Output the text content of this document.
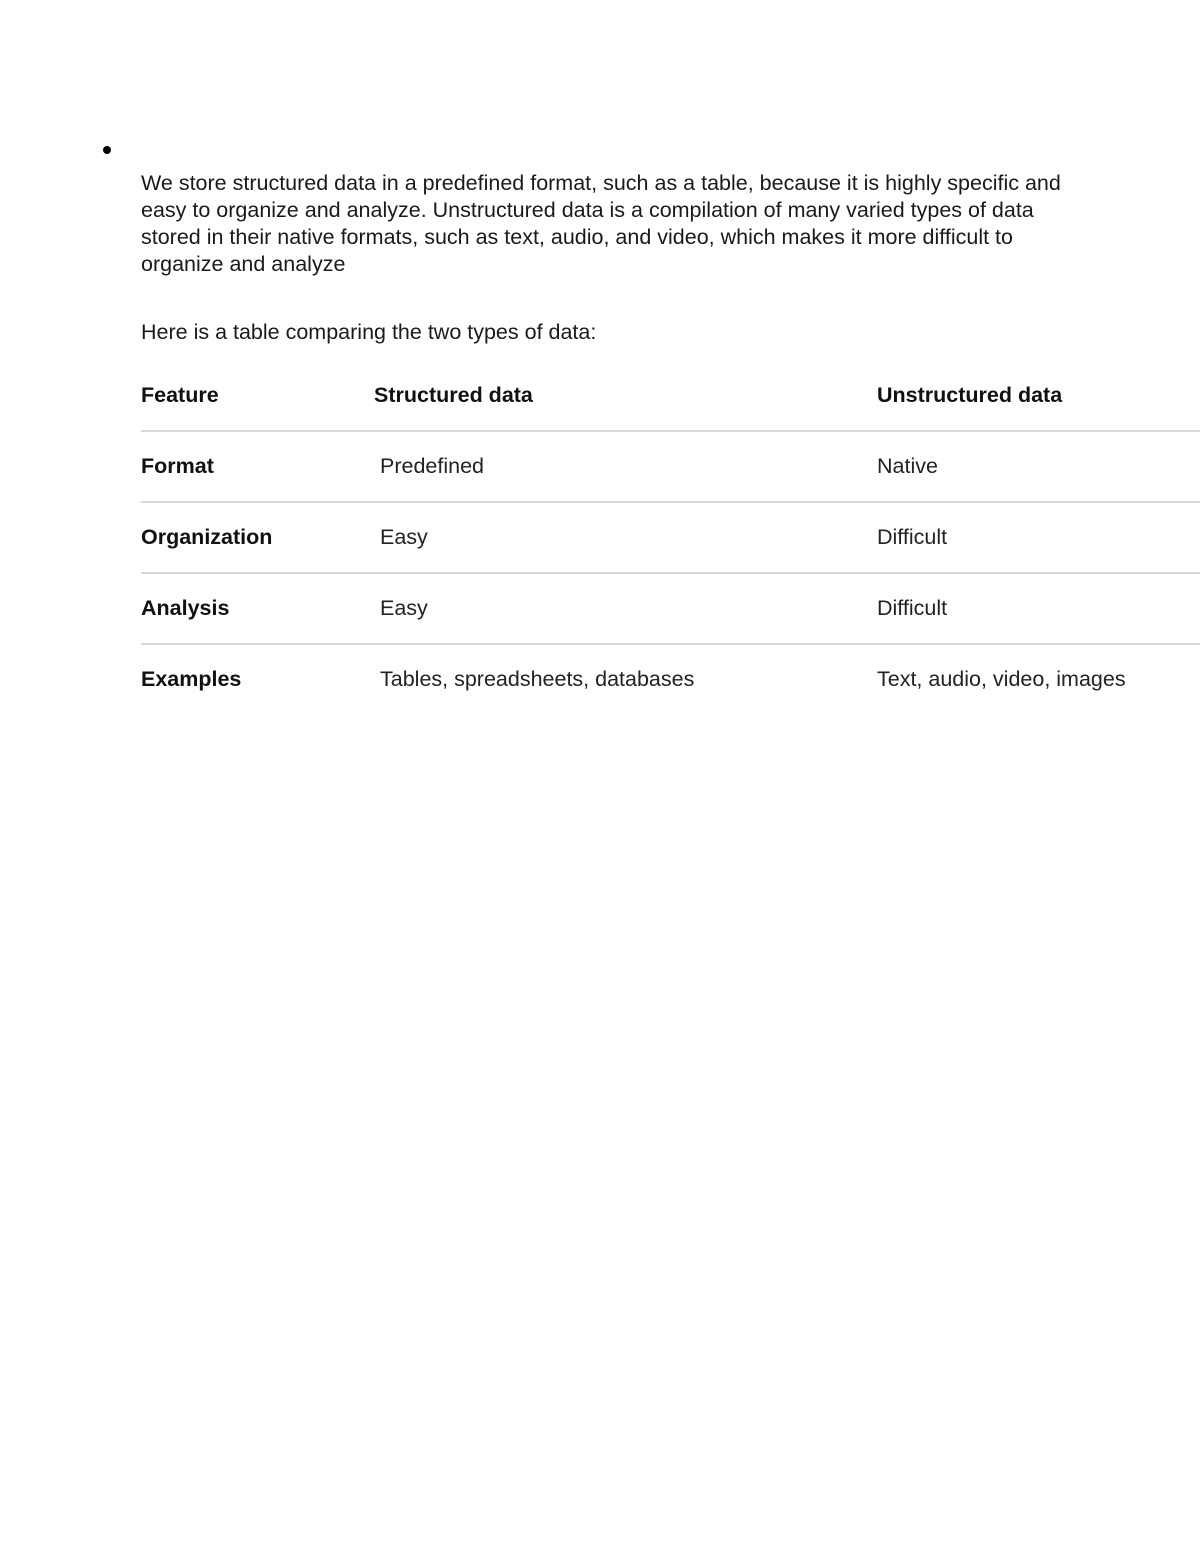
We store structured data in a predefined format, such as a table, because it is highly specific and easy to organize and analyze. Unstructured data is a compilation of many varied types of data stored in their native formats, such as text, audio, and video, which makes it more difficult to organize and analyze

Here is a table comparing the two types of data:

Feature	Structured data	Unstructured data
Format	Predefined	Native
Organization	Easy	Difficult
Analysis	Easy	Difficult
Examples	Tables, spreadsheets, databases	Text, audio, video, images
